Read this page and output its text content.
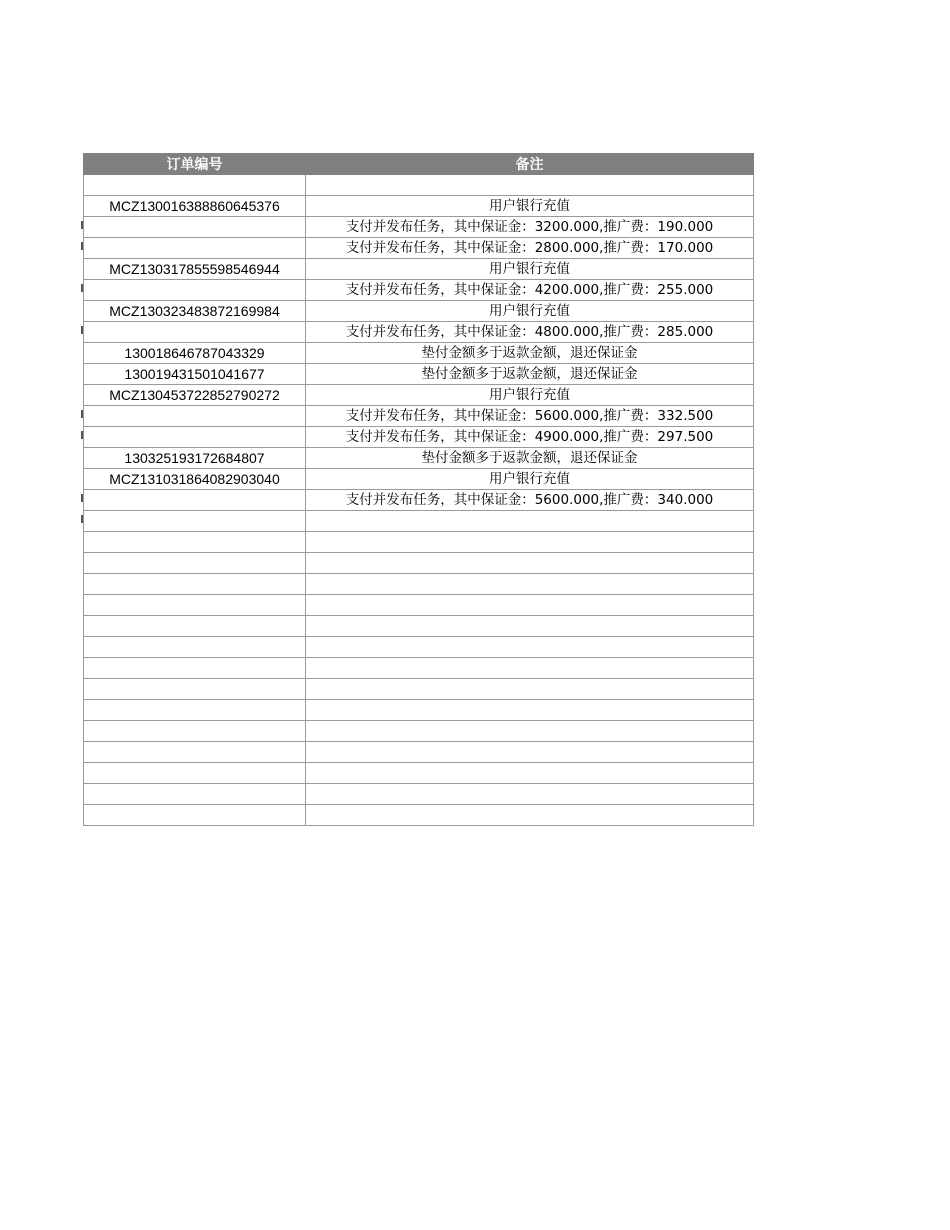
订单编号	备注

MCZ130016388860645376	用户银行充值
	支付并发布任务，其中保证金：3200.000,推广费：190.000
	支付并发布任务，其中保证金：2800.000,推广费：170.000
MCZ130317855598546944	用户银行充值
	支付并发布任务，其中保证金：4200.000,推广费：255.000
MCZ130323483872169984	用户银行充值
	支付并发布任务，其中保证金：4800.000,推广费：285.000
130018646787043329	垫付金额多于返款金额，退还保证金
130019431501041677	垫付金额多于返款金额，退还保证金
MCZ130453722852790272	用户银行充值
	支付并发布任务，其中保证金：5600.000,推广费：332.500
	支付并发布任务，其中保证金：4900.000,推广费：297.500
130325193172684807	垫付金额多于返款金额，退还保证金
MCZ131031864082903040	用户银行充值
	支付并发布任务，其中保证金：5600.000,推广费：340.000
